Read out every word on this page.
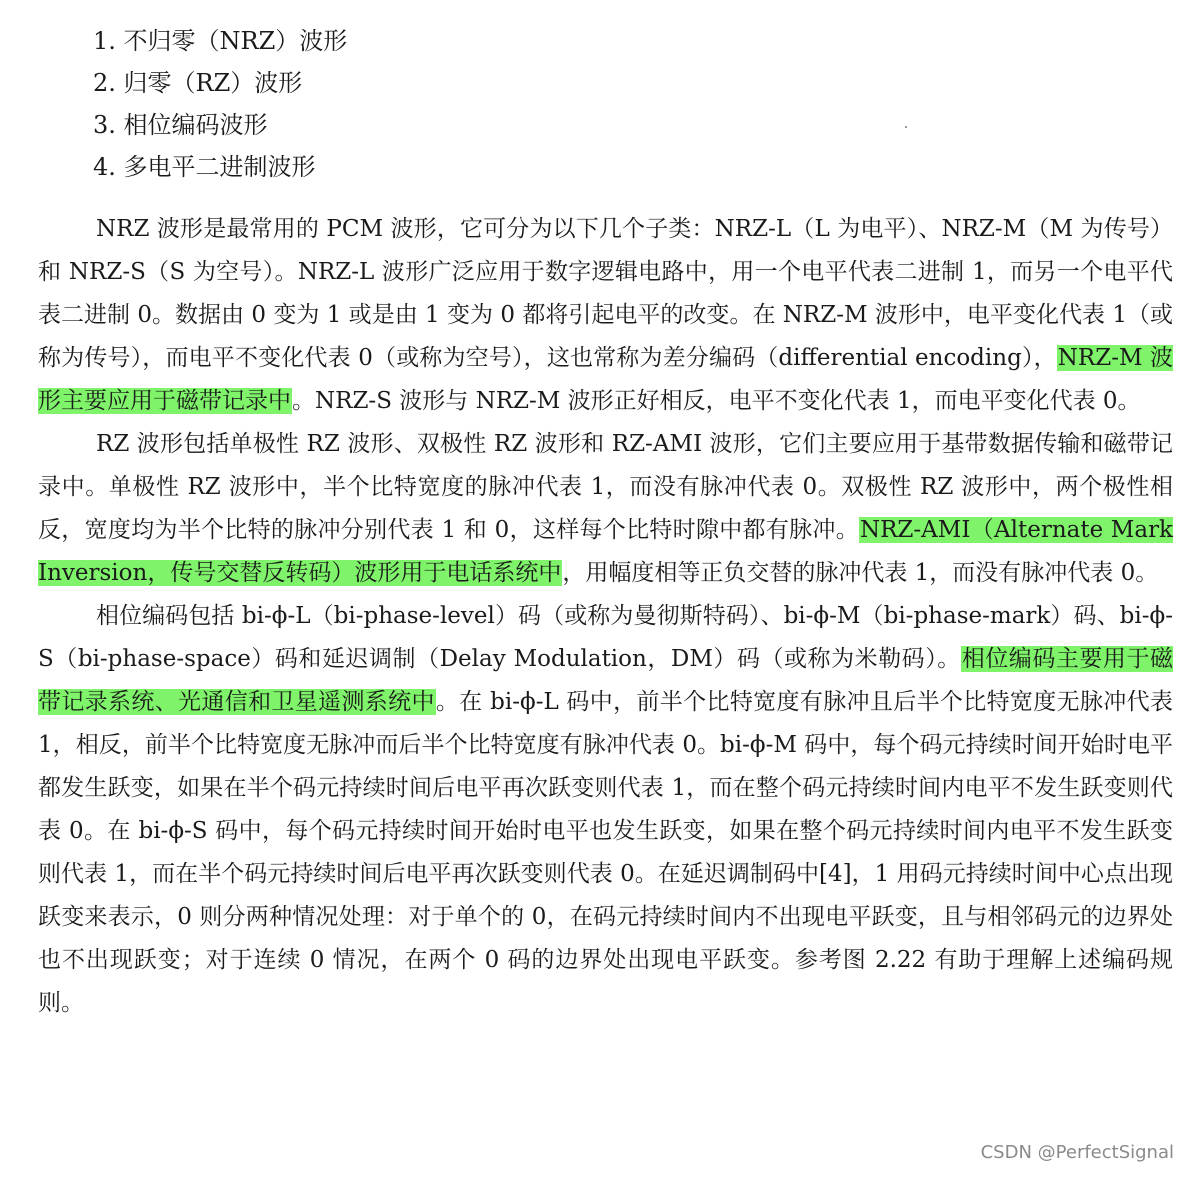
1. 不归零（NRZ）波形
2. 归零（RZ）波形
3. 相位编码波形
4. 多电平二进制波形

NRZ 波形是最常用的 PCM 波形，它可分为以下几个子类：NRZ-L（L 为电平）、NRZ-M（M 为传号）和 NRZ-S（S 为空号）。NRZ-L 波形广泛应用于数字逻辑电路中，用一个电平代表二进制 1，而另一个电平代表二进制 0。数据由 0 变为 1 或是由 1 变为 0 都将引起电平的改变。在 NRZ-M 波形中，电平变化代表 1（或称为传号），而电平不变化代表 0（或称为空号），这也常称为差分编码（differential encoding），NRZ-M 波形主要应用于磁带记录中。NRZ-S 波形与 NRZ-M 波形正好相反，电平不变化代表 1，而电平变化代表 0。

RZ 波形包括单极性 RZ 波形、双极性 RZ 波形和 RZ-AMI 波形，它们主要应用于基带数据传输和磁带记录中。单极性 RZ 波形中，半个比特宽度的脉冲代表 1，而没有脉冲代表 0。双极性 RZ 波形中，两个极性相反，宽度均为半个比特的脉冲分别代表 1 和 0，这样每个比特时隙中都有脉冲。NRZ-AMI（Alternate Mark Inversion，传号交替反转码）波形用于电话系统中，用幅度相等正负交替的脉冲代表 1，而没有脉冲代表 0。

相位编码包括 bi-ϕ-L（bi-phase-level）码（或称为曼彻斯特码）、bi-ϕ-M（bi-phase-mark）码、bi-ϕ-S（bi-phase-space）码和延迟调制（Delay Modulation，DM）码（或称为米勒码）。相位编码主要用于磁带记录系统、光通信和卫星遥测系统中。在 bi-ϕ-L 码中，前半个比特宽度有脉冲且后半个比特宽度无脉冲代表 1，相反，前半个比特宽度无脉冲而后半个比特宽度有脉冲代表 0。bi-ϕ-M 码中，每个码元持续时间开始时电平都发生跃变，如果在半个码元持续时间后电平再次跃变则代表 1，而在整个码元持续时间内电平不发生跃变则代表 0。在 bi-ϕ-S 码中，每个码元持续时间开始时电平也发生跃变，如果在整个码元持续时间内电平不发生跃变则代表 1，而在半个码元持续时间后电平再次跃变则代表 0。在延迟调制码中[4]，1 用码元持续时间中心点出现跃变来表示，0 则分两种情况处理：对于单个的 0，在码元持续时间内不出现电平跃变，且与相邻码元的边界处也不出现跃变；对于连续 0 情况，在两个 0 码的边界处出现电平跃变。参考图 2.22 有助于理解上述编码规则。

CSDN @PerfectSignal
